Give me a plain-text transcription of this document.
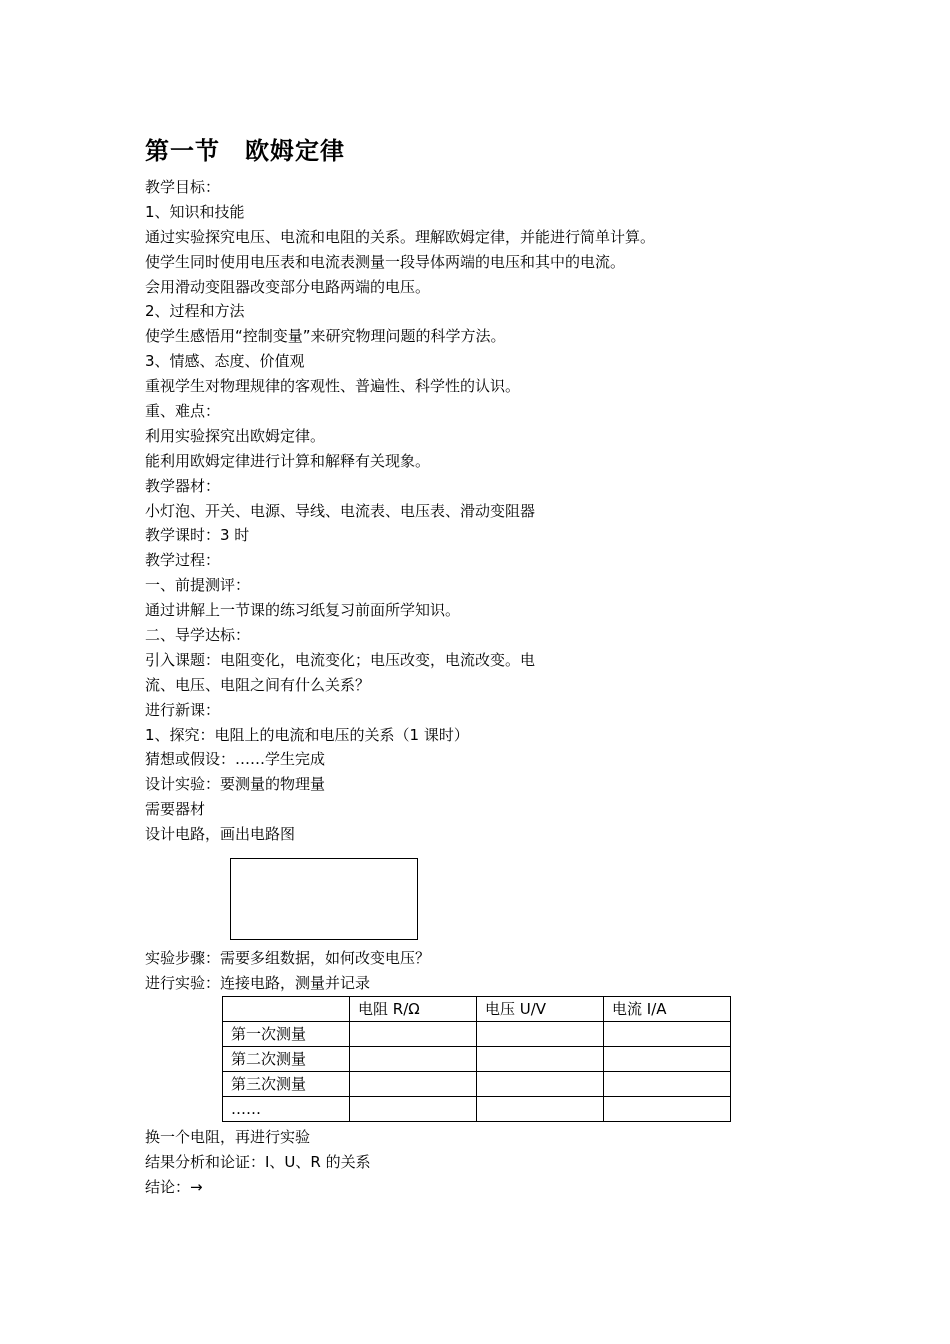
第一节　欧姆定律
教学目标：
1、知识和技能
通过实验探究电压、电流和电阻的关系。理解欧姆定律，并能进行简单计算。
使学生同时使用电压表和电流表测量一段导体两端的电压和其中的电流。
会用滑动变阻器改变部分电路两端的电压。
2、过程和方法
使学生感悟用“控制变量”来研究物理问题的科学方法。
3、情感、态度、价值观
重视学生对物理规律的客观性、普遍性、科学性的认识。
重、难点：
利用实验探究出欧姆定律。
能利用欧姆定律进行计算和解释有关现象。
教学器材：
小灯泡、开关、电源、导线、电流表、电压表、滑动变阻器
教学课时：3 时
教学过程：
一、前提测评：
通过讲解上一节课的练习纸复习前面所学知识。
二、导学达标：
引入课题：电阻变化，电流变化；电压改变，电流改变。电
流、电压、电阻之间有什么关系？
进行新课：
1、探究：电阻上的电流和电压的关系（1 课时）
猜想或假设：……学生完成
设计实验：要测量的物理量
需要器材
设计电路，画出电路图
实验步骤：需要多组数据，如何改变电压？
进行实验：连接电路，测量并记录
	电阻 R/Ω	电压 U/V	电流 I/A
第一次测量			
第二次测量			
第三次测量			
……			
换一个电阻，再进行实验
结果分析和论证：I、U、R 的关系
结论：→
